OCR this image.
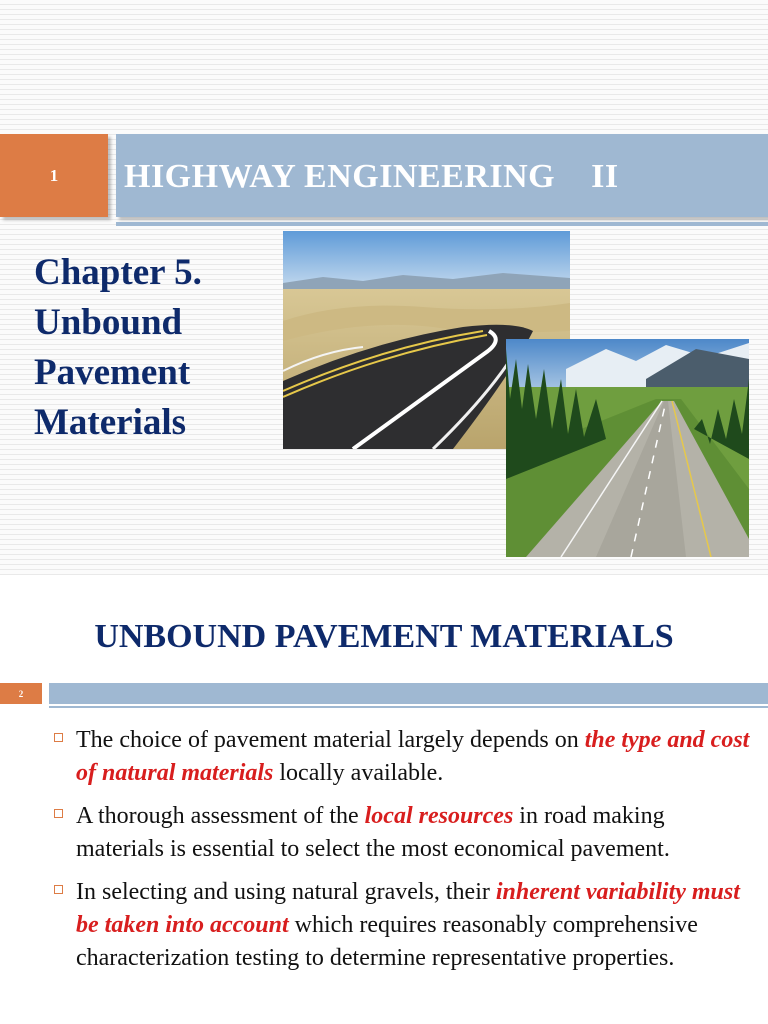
1 HIGHWAY ENGINEERING II
Chapter 5.
Unbound
Pavement
Materials
UNBOUND PAVEMENT MATERIALS
2
The choice of pavement material largely depends on the type and cost of natural materials locally available.
A thorough assessment of the local resources in road making materials is essential to select the most economical pavement.
In selecting and using natural gravels, their inherent variability must be taken into account which requires reasonably comprehensive characterization testing to determine representative properties.
